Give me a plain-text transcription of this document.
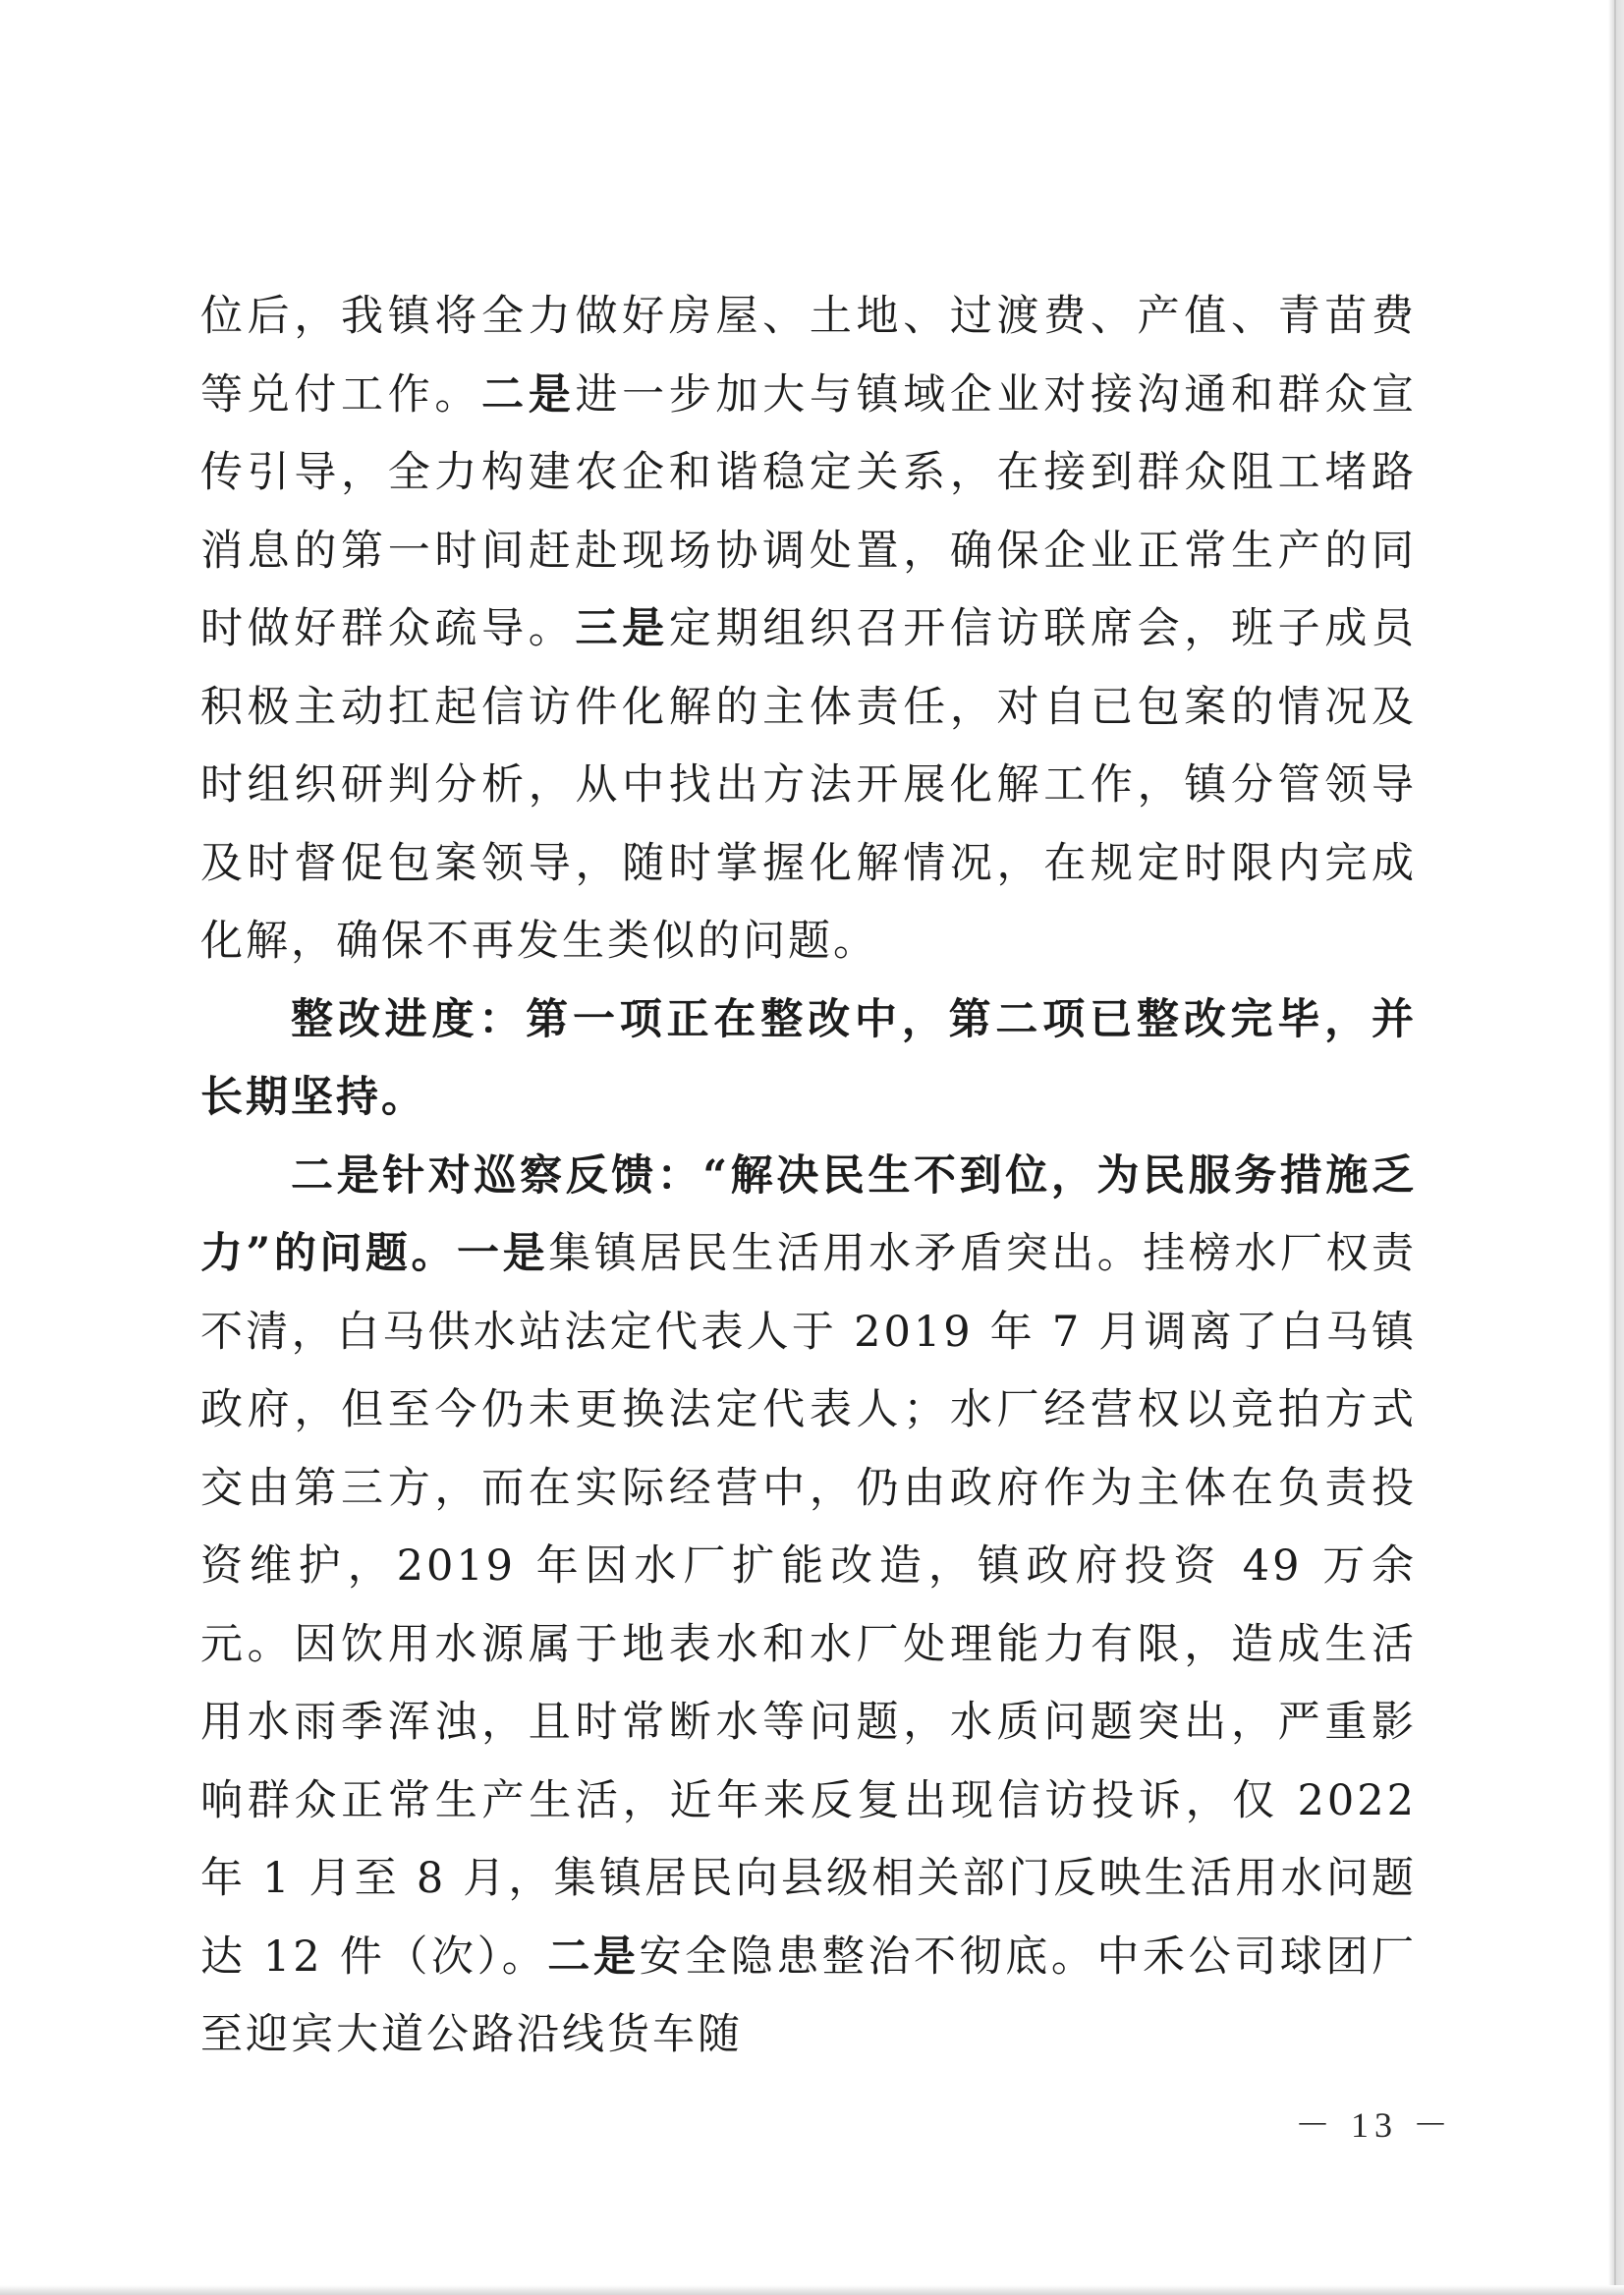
位后，我镇将全力做好房屋、土地、过渡费、产值、青苗费等兑付工作。二是进一步加大与镇域企业对接沟通和群众宣传引导，全力构建农企和谐稳定关系，在接到群众阻工堵路消息的第一时间赶赴现场协调处置，确保企业正常生产的同时做好群众疏导。三是定期组织召开信访联席会，班子成员积极主动扛起信访件化解的主体责任，对自已包案的情况及时组织研判分析，从中找出方法开展化解工作，镇分管领导及时督促包案领导，随时掌握化解情况，在规定时限内完成化解，确保不再发生类似的问题。

整改进度：第一项正在整改中，第二项已整改完毕，并长期坚持。

二是针对巡察反馈：“解决民生不到位，为民服务措施乏力”的问题。一是集镇居民生活用水矛盾突出。挂榜水厂权责不清，白马供水站法定代表人于 2019 年 7 月调离了白马镇政府，但至今仍未更换法定代表人；水厂经营权以竞拍方式交由第三方，而在实际经营中，仍由政府作为主体在负责投资维护，2019 年因水厂扩能改造，镇政府投资 49 万余元。因饮用水源属于地表水和水厂处理能力有限，造成生活用水雨季浑浊，且时常断水等问题，水质问题突出，严重影响群众正常生产生活，近年来反复出现信访投诉，仅 2022 年 1 月至 8 月，集镇居民向县级相关部门反映生活用水问题达 12 件（次）。二是安全隐患整治不彻底。中禾公司球团厂至迎宾大道公路沿线货车随

－ 13 －
